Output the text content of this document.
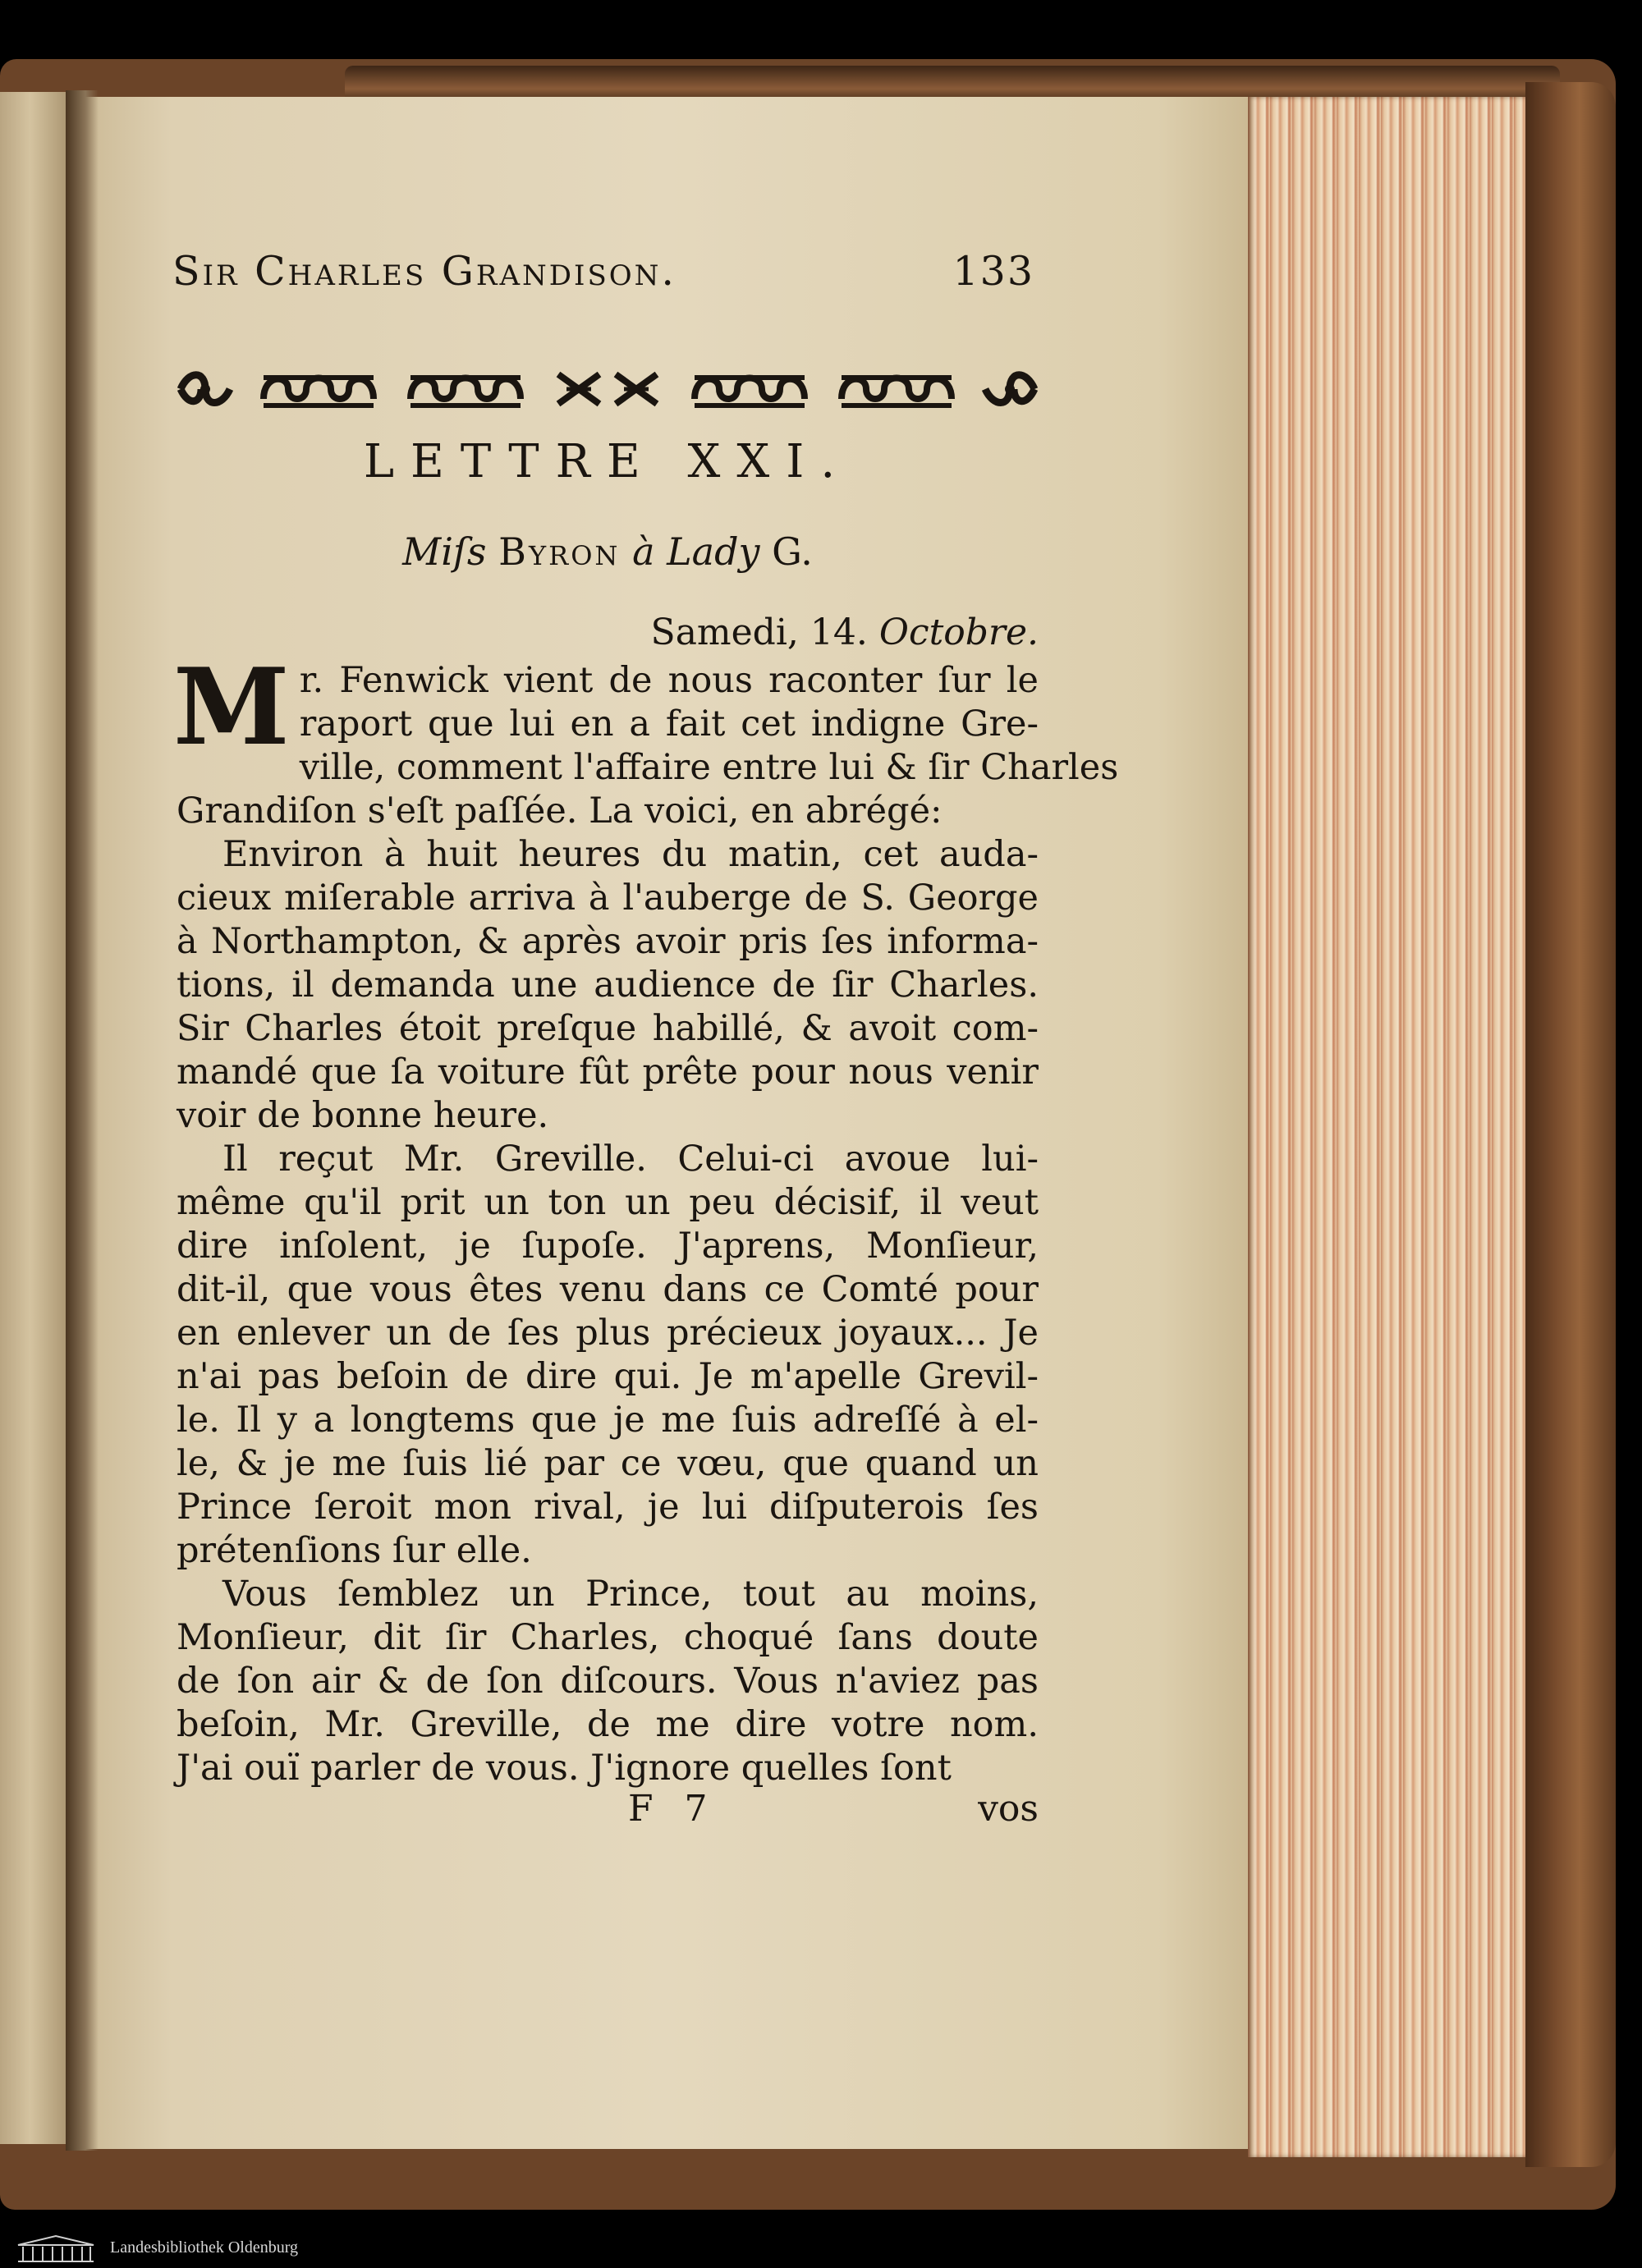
Sir Charles Grandison.	133
LETTRE XXI.
Miſs Byron à Lady G.
Samedi, 14. Octobre.
M r. Fenwick vient de nous raconter ſur le
raport que lui en a fait cet indigne Gre-
ville, comment l'affaire entre lui & ſir Charles
Grandiſon s'eſt paſſée. La voici, en abrégé:
Environ à huit heures du matin, cet auda-
cieux miſerable arriva à l'auberge de S. George
à Northampton, & après avoir pris ſes informa-
tions, il demanda une audience de ſir Charles.
Sir Charles étoit preſque habillé, & avoit com-
mandé que ſa voiture fût prête pour nous venir
voir de bonne heure.
Il reçut Mr. Greville. Celui-ci avoue lui-
même qu'il prit un ton un peu décisif, il veut
dire inſolent, je ſupoſe. J'aprens, Monſieur,
dit-il, que vous êtes venu dans ce Comté pour
en enlever un de ſes plus précieux joyaux... Je
n'ai pas beſoin de dire qui. Je m'apelle Grevil-
le. Il y a longtems que je me ſuis adreſſé à el-
le, & je me ſuis lié par ce vœu, que quand un
Prince ſeroit mon rival, je lui diſputerois ſes
prétenſions ſur elle.
Vous ſemblez un Prince, tout au moins,
Monſieur, dit ſir Charles, choqué ſans doute
de ſon air & de ſon diſcours. Vous n'aviez pas
beſoin, Mr. Greville, de me dire votre nom.
J'ai ouï parler de vous. J'ignore quelles ſont
F 7	vos
Landesbibliothek Oldenburg
